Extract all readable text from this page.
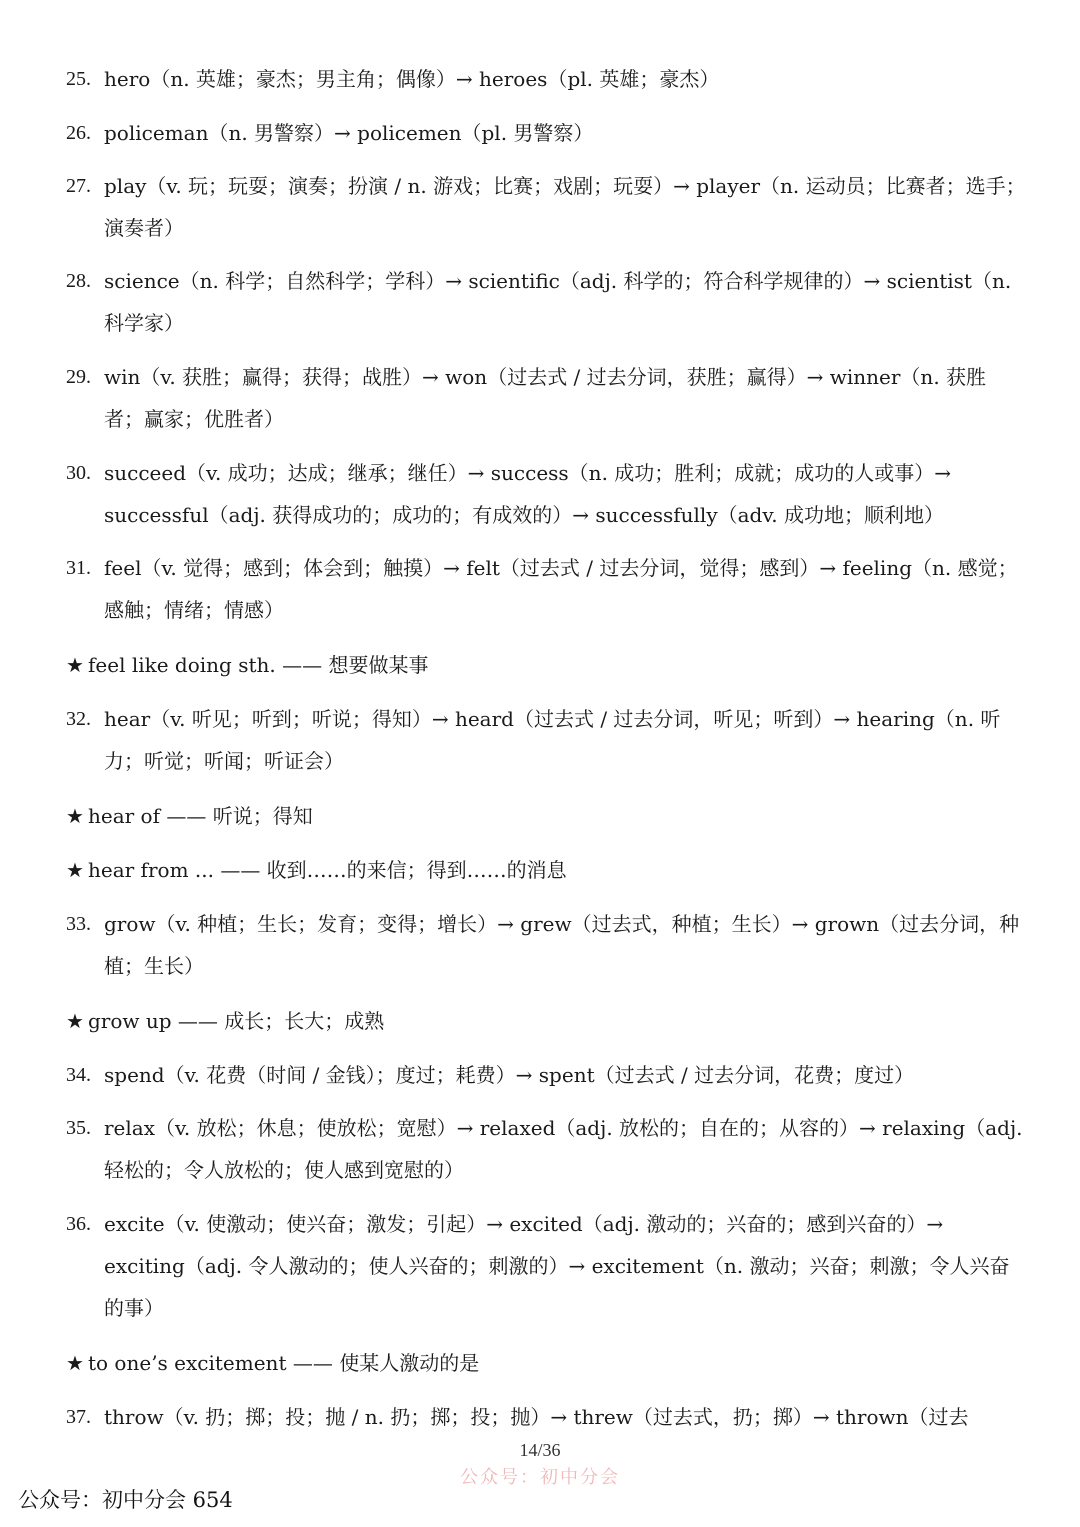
25. hero（n. 英雄；豪杰；男主角；偶像）→ heroes（pl. 英雄；豪杰）
26. policeman（n. 男警察）→ policemen（pl. 男警察）
27. play（v. 玩；玩耍；演奏；扮演 / n. 游戏；比赛；戏剧；玩耍）→ player（n. 运动员；比赛者；选手；演奏者）
28. science（n. 科学；自然科学；学科）→ scientific（adj. 科学的；符合科学规律的）→ scientist（n. 科学家）
29. win（v. 获胜；赢得；获得；战胜）→ won（过去式 / 过去分词，获胜；赢得）→ winner（n. 获胜者；赢家；优胜者）
30. succeed（v. 成功；达成；继承；继任）→ success（n. 成功；胜利；成就；成功的人或事）→ successful（adj. 获得成功的；成功的；有成效的）→ successfully（adv. 成功地；顺利地）
31. feel（v. 觉得；感到；体会到；触摸）→ felt（过去式 / 过去分词，觉得；感到）→ feeling（n. 感觉；感触；情绪；情感）
★ feel like doing sth. —— 想要做某事
32. hear（v. 听见；听到；听说；得知）→ heard（过去式 / 过去分词，听见；听到）→ hearing（n. 听力；听觉；听闻；听证会）
★ hear of —— 听说；得知
★ hear from ... —— 收到……的来信；得到……的消息
33. grow（v. 种植；生长；发育；变得；增长）→ grew（过去式，种植；生长）→ grown（过去分词，种植；生长）
★ grow up —— 成长；长大；成熟
34. spend（v. 花费（时间 / 金钱）；度过；耗费）→ spent（过去式 / 过去分词，花费；度过）
35. relax（v. 放松；休息；使放松；宽慰）→ relaxed（adj. 放松的；自在的；从容的）→ relaxing（adj. 轻松的；令人放松的；使人感到宽慰的）
36. excite（v. 使激动；使兴奋；激发；引起）→ excited（adj. 激动的；兴奋的；感到兴奋的）→ exciting（adj. 令人激动的；使人兴奋的；刺激的）→ excitement（n. 激动；兴奋；刺激；令人兴奋的事）
★ to one’s excitement —— 使某人激动的是
37. throw（v. 扔；掷；投；抛 / n. 扔；掷；投；抛）→ threw（过去式，扔；掷）→ thrown（过去
14/36
公众号：初中分会
公众号：初中分会 654
